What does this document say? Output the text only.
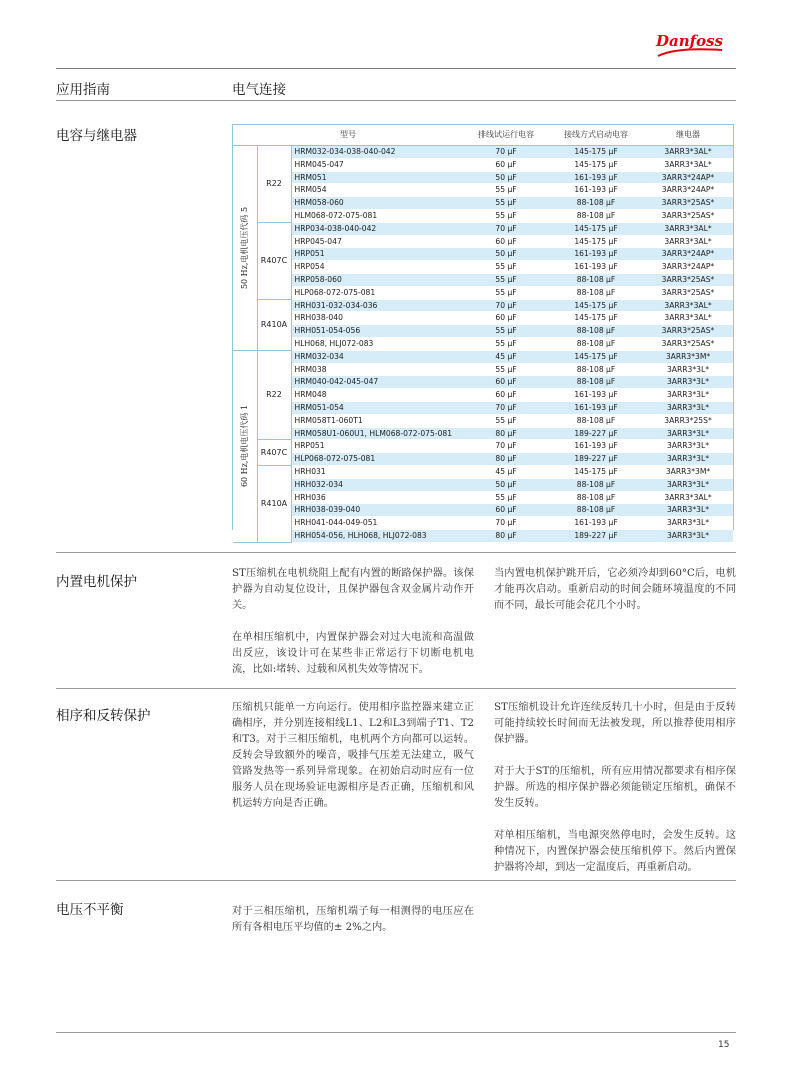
Danfoss
应用指南	电气连接
电容与继电器	型号			排线试运行电容	接线方式启动电容	继电器

50 Hz,电机电压代码 5	R22	HRM032-034-038-040-042	70 µF	145-175 µF	3ARR3*3AL*
		HRM045-047	60 µF	145-175 µF	3ARR3*3AL*
		HRM051	50 µF	161-193 µF	3ARR3*24AP*
		HRM054	55 µF	161-193 µF	3ARR3*24AP*
		HRM058-060	55 µF	88-108 µF	3ARR3*25AS*
		HLM068-072-075-081	55 µF	88-108 µF	3ARR3*25AS*
	R407C	HRP034-038-040-042	70 µF	145-175 µF	3ARR3*3AL*
		HRP045-047	60 µF	145-175 µF	3ARR3*3AL*
		HRP051	50 µF	161-193 µF	3ARR3*24AP*
		HRP054	55 µF	161-193 µF	3ARR3*24AP*
		HRP058-060	55 µF	88-108 µF	3ARR3*25AS*
		HLP068-072-075-081	55 µF	88-108 µF	3ARR3*25AS*
	R410A	HRH031-032-034-036	70 µF	145-175 µF	3ARR3*3AL*
		HRH038-040	60 µF	145-175 µF	3ARR3*3AL*
		HRH051-054-056	55 µF	88-108 µF	3ARR3*25AS*
		HLH068, HLJ072-083	55 µF	88-108 µF	3ARR3*25AS*

60 Hz,电机电压代码 1	R22	HRM032-034	45 µF	145-175 µF	3ARR3*3M*
		HRM038	55 µF	88-108 µF	3ARR3*3L*
		HRM040-042-045-047	60 µF	88-108 µF	3ARR3*3L*
		HRM048	60 µF	161-193 µF	3ARR3*3L*
		HRM051-054	70 µF	161-193 µF	3ARR3*3L*
		HRM058T1-060T1	55 µF	88-108 µF	3ARR3*25S*
		HRM058U1-060U1, HLM068-072-075-081	80 µF	189-227 µF	3ARR3*3L*
	R407C	HRP051	70 µF	161-193 µF	3ARR3*3L*
		HLP068-072-075-081	80 µF	189-227 µF	3ARR3*3L*
	R410A	HRH031	45 µF	145-175 µF	3ARR3*3M*
		HRH032-034	50 µF	88-108 µF	3ARR3*3L*
		HRH036	55 µF	88-108 µF	3ARR3*3AL*
		HRH038-039-040	60 µF	88-108 µF	3ARR3*3L*
		HRH041-044-049-051	70 µF	161-193 µF	3ARR3*3L*
		HRH054-056, HLH068, HLJ072-083	80 µF	189-227 µF	3ARR3*3L*
内置电机保护

ST压缩机在电机绕阻上配有内置的断路保护器。该保护器为自动复位设计，且保护器包含双金属片动作开关。

在单相压缩机中，内置保护器会对过大电流和高温做出反应，该设计可在某些非正常运行下切断电机电流，比如:堵转、过载和风机失效等情况下。

当内置电机保护跳开后，它必须冷却到60°C后，电机才能再次启动。重新启动的时间会随环境温度的不同而不同，最长可能会花几个小时。

相序和反转保护

压缩机只能单一方向运行。使用相序监控器来建立正确相序，并分别连接相线L1、L2和L3到端子T1、T2和T3。对于三相压缩机，电机两个方向都可以运转。反转会导致额外的噪音，吸排气压差无法建立，吸气管路发热等一系列异常现象。在初始启动时应有一位服务人员在现场验证电源相序是否正确，压缩机和风机运转方向是否正确。

ST压缩机设计允许连续反转几十小时，但是由于反转可能持续较长时间而无法被发现，所以推荐使用相序保护器。

对于大于ST的压缩机，所有应用情况都要求有相序保护器。所选的相序保护器必须能锁定压缩机，确保不发生反转。

对单相压缩机，当电源突然停电时，会发生反转。这种情况下，内置保护器会使压缩机停下。然后内置保护器将冷却，到达一定温度后，再重新启动。

电压不平衡	对于三相压缩机，压缩机端子每一相测得的电压应在所有各相电压平均值的± 2%之内。

15
